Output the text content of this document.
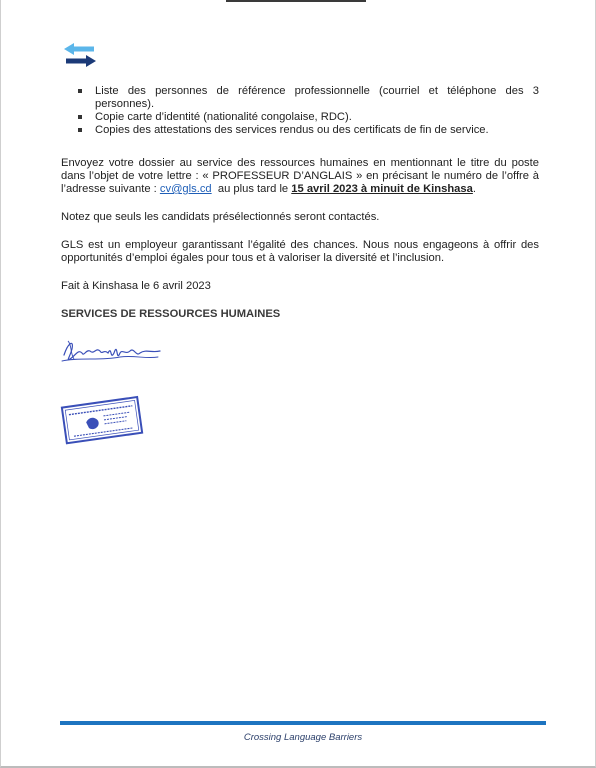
Liste des personnes de référence professionnelle (courriel et téléphone des 3 personnes).
Copie carte d’identité (nationalité congolaise, RDC).
Copies des attestations des services rendus ou des certificats de fin de service.

Envoyez votre dossier au service des ressources humaines en mentionnant le titre du poste dans l’objet de votre lettre : « PROFESSEUR D’ANGLAIS » en précisant le numéro de l’offre à l’adresse suivante : cv@gls.cd  au plus tard le 15 avril 2023 à minuit de Kinshasa.

Notez que seuls les candidats présélectionnés seront contactés.

GLS est un employeur garantissant l’égalité des chances. Nous nous engageons à offrir des opportunités d’emploi égales pour tous et à valoriser la diversité et l’inclusion.

Fait à Kinshasa le 6 avril 2023

SERVICES DE RESSOURCES HUMAINES

Crossing Language Barriers
